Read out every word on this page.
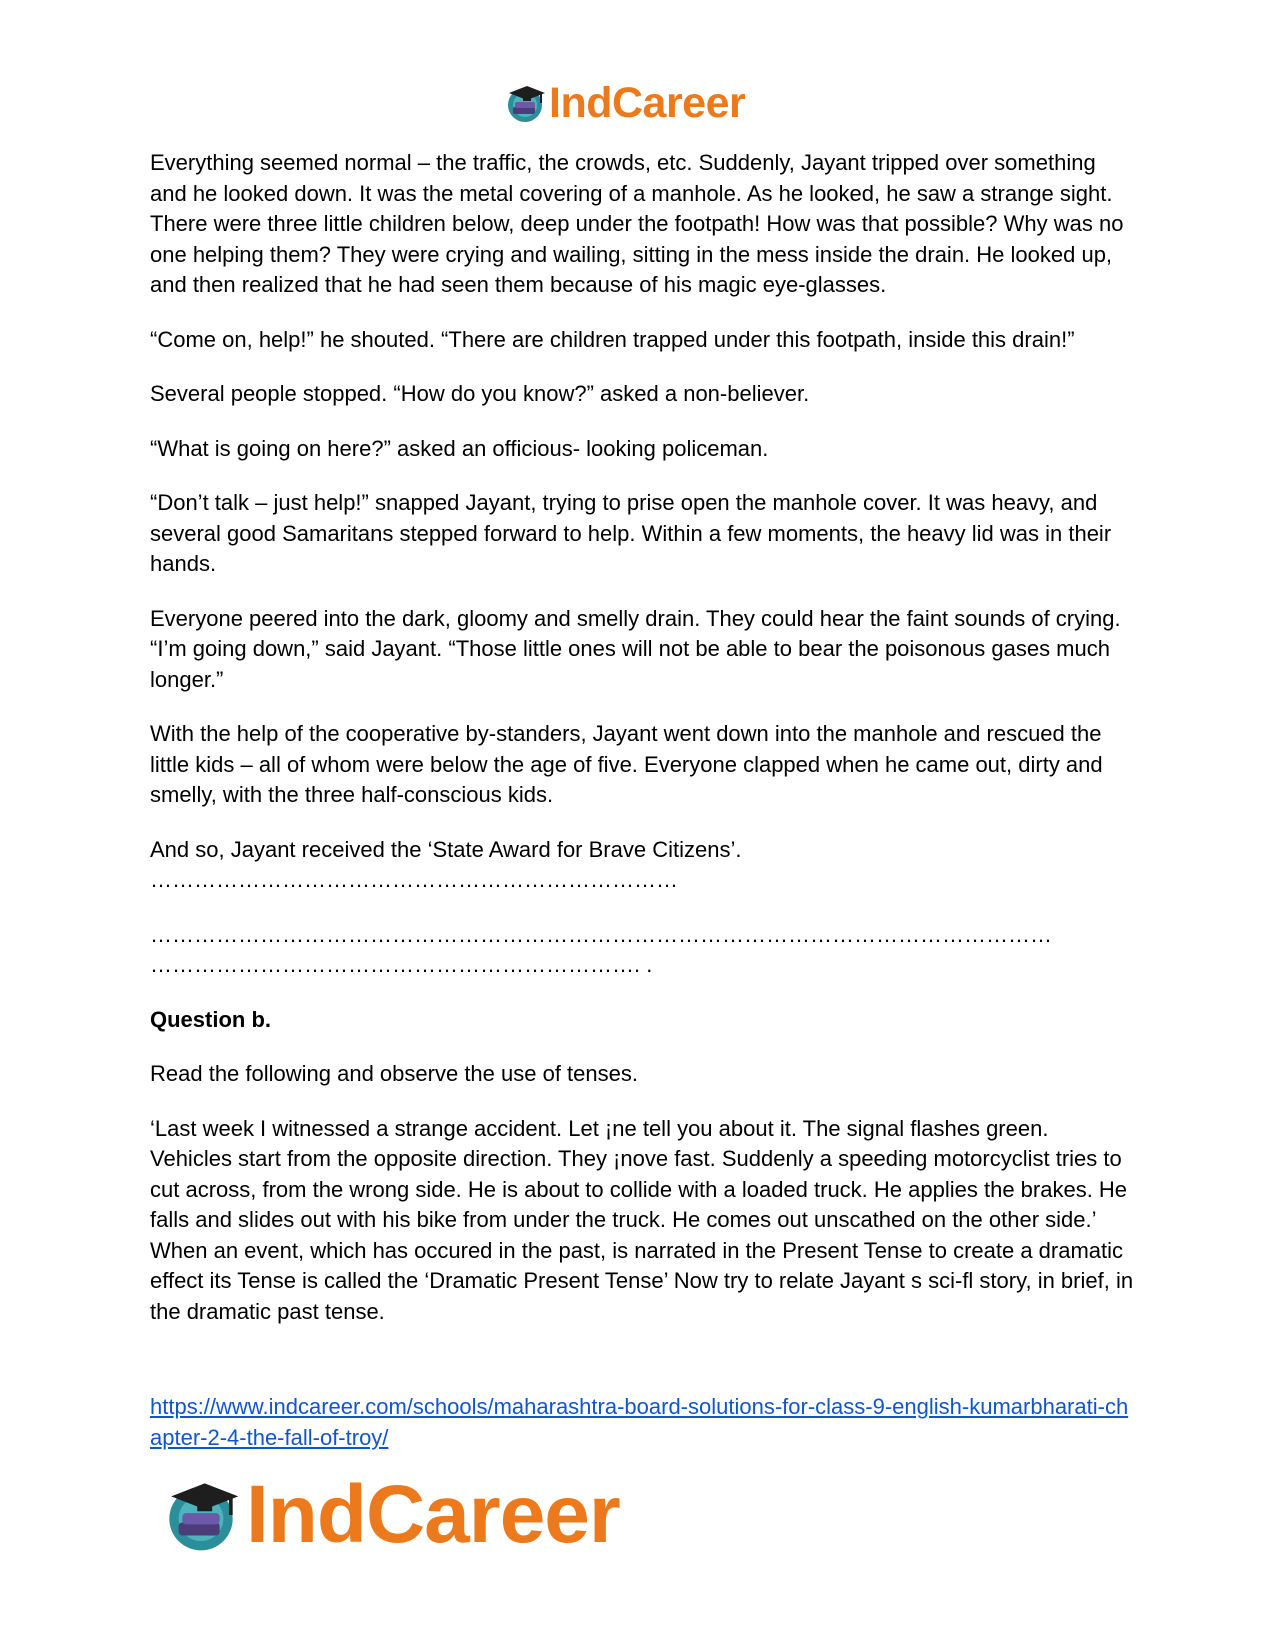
IndCareer

Everything seemed normal – the traffic, the crowds, etc. Suddenly, Jayant tripped over something and he looked down. It was the metal covering of a manhole. As he looked, he saw a strange sight. There were three little children below, deep under the footpath! How was that possible? Why was no one helping them? They were crying and wailing, sitting in the mess inside the drain. He looked up, and then realized that he had seen them because of his magic eye-glasses.

“Come on, help!” he shouted. “There are children trapped under this footpath, inside this drain!”

Several people stopped. “How do you know?” asked a non-believer.

“What is going on here?” asked an officious- looking policeman.

“Don’t talk – just help!” snapped Jayant, trying to prise open the manhole cover. It was heavy, and several good Samaritans stepped forward to help. Within a few moments, the heavy lid was in their hands.

Everyone peered into the dark, gloomy and smelly drain. They could hear the faint sounds of crying. “I’m going down,” said Jayant. “Those little ones will not be able to bear the poisonous gases much longer.”

With the help of the cooperative by-standers, Jayant went down into the manhole and rescued the little kids – all of whom were below the age of five. Everyone clapped when he came out, dirty and smelly, with the three half-conscious kids.

And so, Jayant received the ‘State Award for Brave Citizens’.
………………………………………………………………
……………………………………………………………………………………………………………
…………………………………………………………. .

Question b.

Read the following and observe the use of tenses.

‘Last week I witnessed a strange accident. Let ¡ne tell you about it. The signal flashes green. Vehicles start from the opposite direction. They ¡nove fast. Suddenly a speeding motorcyclist tries to cut across, from the wrong side. He is about to collide with a loaded truck. He applies the brakes. He falls and slides out with his bike from under the truck. He comes out unscathed on the other side.’ When an event, which has occured in the past, is narrated in the Present Tense to create a dramatic effect its Tense is called the ‘Dramatic Present Tense’ Now try to relate Jayant s sci-fl story, in brief, in the dramatic past tense.

https://www.indcareer.com/schools/maharashtra-board-solutions-for-class-9-english-kumarbharati-chapter-2-4-the-fall-of-troy/
IndCareer
